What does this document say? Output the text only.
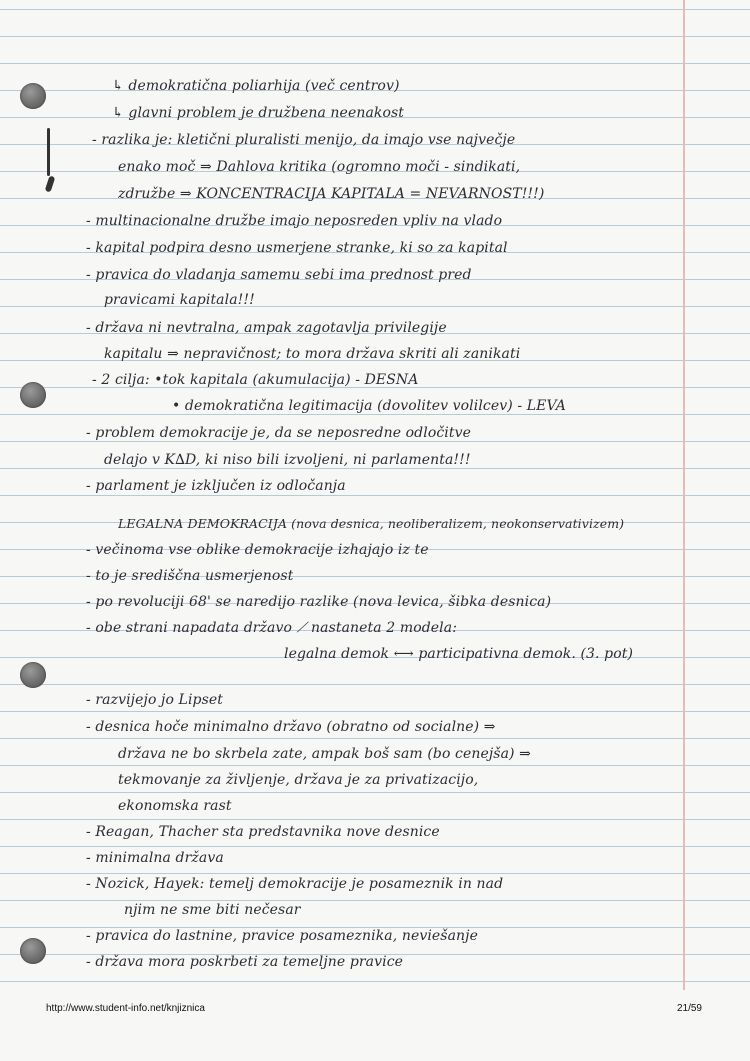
↳ demokratična poliarhija (več centrov)
↳ glavni problem je družbena neenakost
- razlika je: kletični pluralisti menijo, da imajo vse največje
enako moč ⇒ Dahlova kritika (ogromno moči - sindikati,
združbe ⇒ KONCENTRACIJA KAPITALA = NEVARNOST!!!)
- multinacionalne družbe imajo neposreden vpliv na vlado
- kapital podpira desno usmerjene stranke, ki so za kapital
- pravica do vladanja samemu sebi ima prednost pred
pravicami kapitala!!!
- država ni nevtralna, ampak zagotavlja privilegije
kapitalu ⇒ nepravičnost; to mora država skriti ali zanikati
- 2 cilja: •tok kapitala (akumulacija) - DESNA
• demokratična legitimacija (dovolitev volilcev) - LEVA
- problem demokracije je, da se neposredne odločitve
delajo v K∆D, ki niso bili izvoljeni, ni parlamenta!!!
- parlament je izključen iz odločanja
LEGALNA DEMOKRACIJA (nova desnica, neoliberalizem, neokonservativizem)
- večinoma vse oblike demokracije izhajajo iz te
- to je središčna usmerjenost
- po revoluciji 68' se naredijo razlike (nova levica, šibka desnica)
- obe strani napadata državo ⟋ nastaneta 2 modela:
legalna demok ⟷ participativna demok. (3. pot)
- razvijejo jo Lipset
- desnica hoče minimalno državo (obratno od socialne) ⇒
država ne bo skrbela zate, ampak boš sam (bo cenejša) ⇒
tekmovanje za življenje, država je za privatizacijo,
ekonomska rast
- Reagan, Thacher sta predstavnika nove desnice
- minimalna država
- Nozick, Hayek: temelj demokracije je posameznik in nad
njim ne sme biti nečesar
- pravica do lastnine, pravice posameznika, neviešanje
- država mora poskrbeti za temeljne pravice
http://www.student-info.net/knjiznica	21/59
